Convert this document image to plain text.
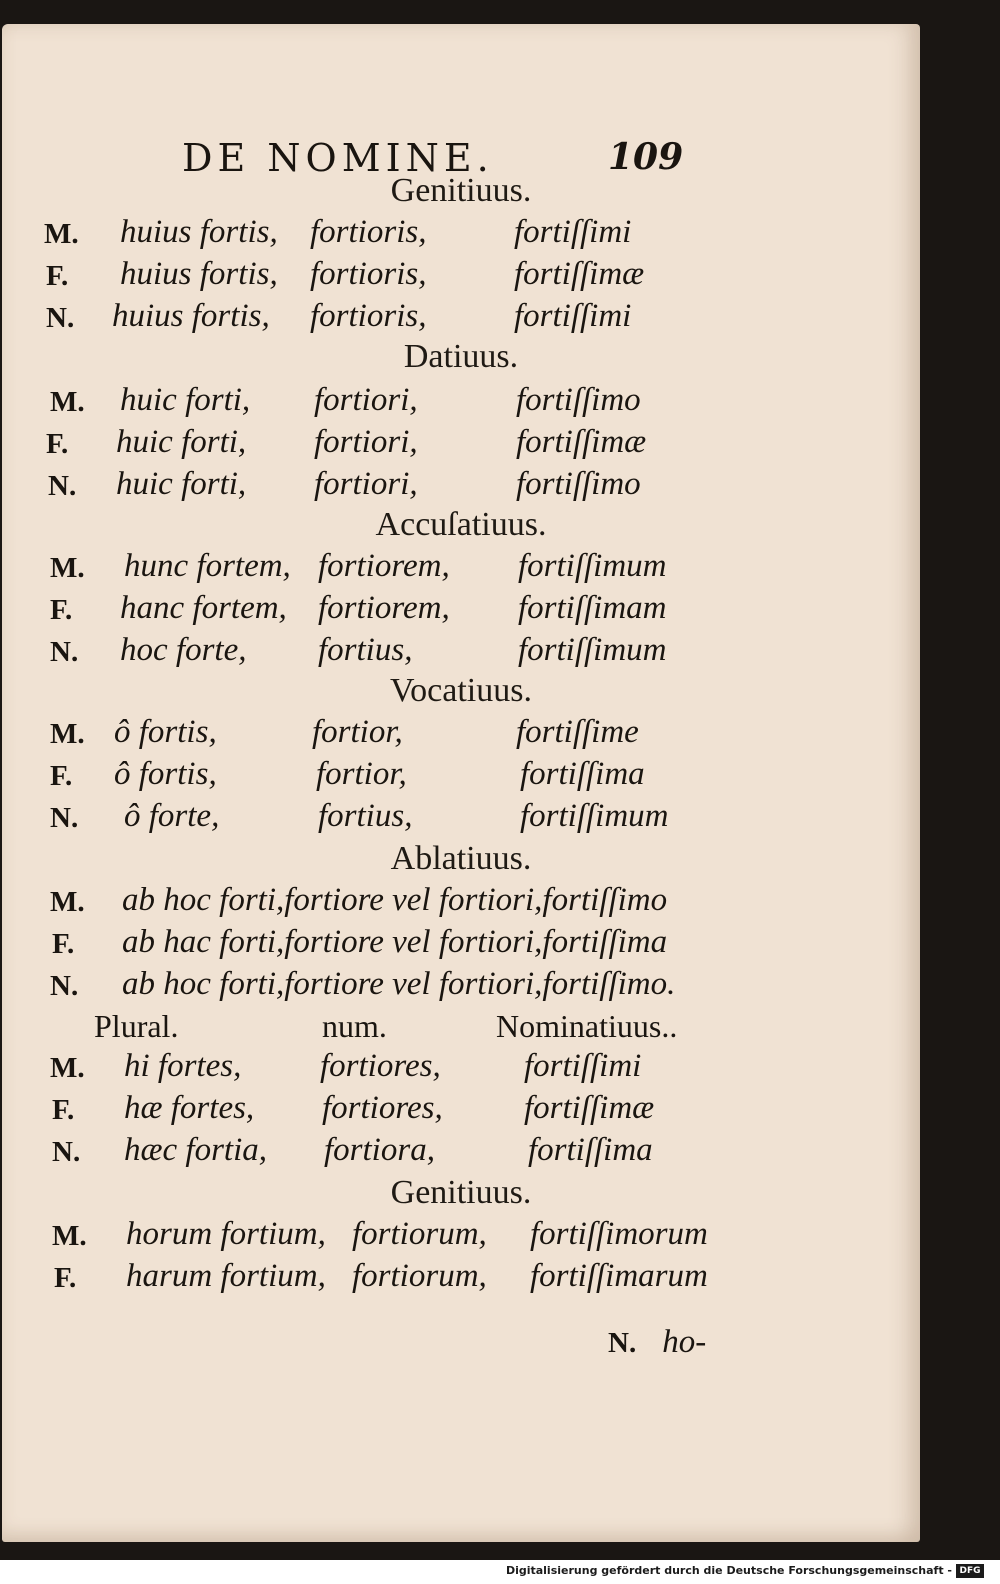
DE NOMINE.	109
Genitiuus.
M. huius fortis, fortioris,	fortiſſimi
F. huius fortis, fortioris,	fortiſſimæ
N. huius fortis, fortioris,	fortiſſimi
Datiuus.
M. huic forti, fortiori,	fortiſſimo
F. huic forti, fortiori,	fortiſſimæ
N. huic forti, fortiori,	fortiſſimo
Accuſatiuus.
M. hunc fortem, fortiorem, fortiſſimum
F. hanc fortem, fortiorem, fortiſſimam
N. hoc forte, fortius,	fortiſſimum
Vocatiuus.
M. ô fortis,	fortior,	fortiſſime
F. ô fortis,	fortior,	fortiſſima
N. ô forte,	fortius,	fortiſſimum
Ablatiuus.
M. ab hoc forti,fortiore vel fortiori,fortiſſimo
F. ab hac forti,fortiore vel fortiori,fortiſſima
N. ab hoc forti,fortiore vel fortiori,fortiſſimo.
Plural.	num.	Nominatiuus..
M. hi fortes, fortiores,	fortiſſimi
F. hæ fortes, fortiores, fortiſſimæ
N. hæc fortia, fortiora,	fortiſſima
Genitiuus.
M. horum fortium, fortiorum, fortiſſimorum
F. harum fortium, fortiorum, fortiſſimarum
N. ho-
Digitalisierung gefördert durch die Deutsche Forschungsgemeinschaft - DFG
